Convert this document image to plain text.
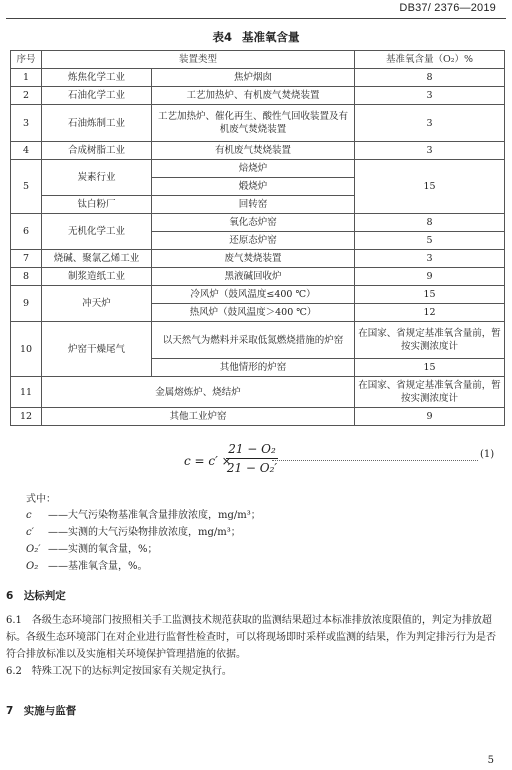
DB37/ 2376—2019
表4 基准氧含量
序号	装置类型		基准氧含量（O₂）%
1	炼焦化学工业	焦炉烟囱	8
2	石油化学工业	工艺加热炉、有机废气焚烧装置	3
3	石油炼制工业	工艺加热炉、催化再生、酸性气回收装置及有机废气焚烧装置	3
4	合成树脂工业	有机废气焚烧装置	3
5	炭素行业	焙烧炉	15
		煅烧炉	
	钛白粉厂	回转窑	
6	无机化学工业	氧化态炉窑	8
		还原态炉窑	5
7	烧碱、聚氯乙烯工业	废气焚烧装置	3
8	制浆造纸工业	黑液碱回收炉	9
9	冲天炉	冷风炉（鼓风温度≤400 ℃）	15
		热风炉（鼓风温度＞400 ℃）	12
10	炉窑干燥尾气	以天然气为燃料并采取低氮燃烧措施的炉窑	在国家、省规定基准氧含量前，暂按实测浓度计
		其他情形的炉窑	15
11	金属熔炼炉、烧结炉		在国家、省规定基准氧含量前，暂按实测浓度计
12	其他工业炉窑		9
c = c′ ×
$\frac{\text{21 − O₂}}{\text{21 − O₂′}}$	(1)
式中：
c	——大气污染物基准氧含量排放浓度，mg/m³；
c′	——实测的大气污染物排放浓度，mg/m³；
O₂′ ——实测的氧含量，%；
O₂ ——基准氧含量，%。
6　达标判定
6.1　各级生态环境部门按照相关手工监测技术规范获取的监测结果超过本标准排放浓度限值的，判定为排放超标。各级生态环境部门在对企业进行监督性检查时，可以将现场即时采样或监测的结果，作为判定排污行为是否符合排放标准以及实施相关环境保护管理措施的依据。
6.2　特殊工况下的达标判定按国家有关规定执行。
7　实施与监督
5
